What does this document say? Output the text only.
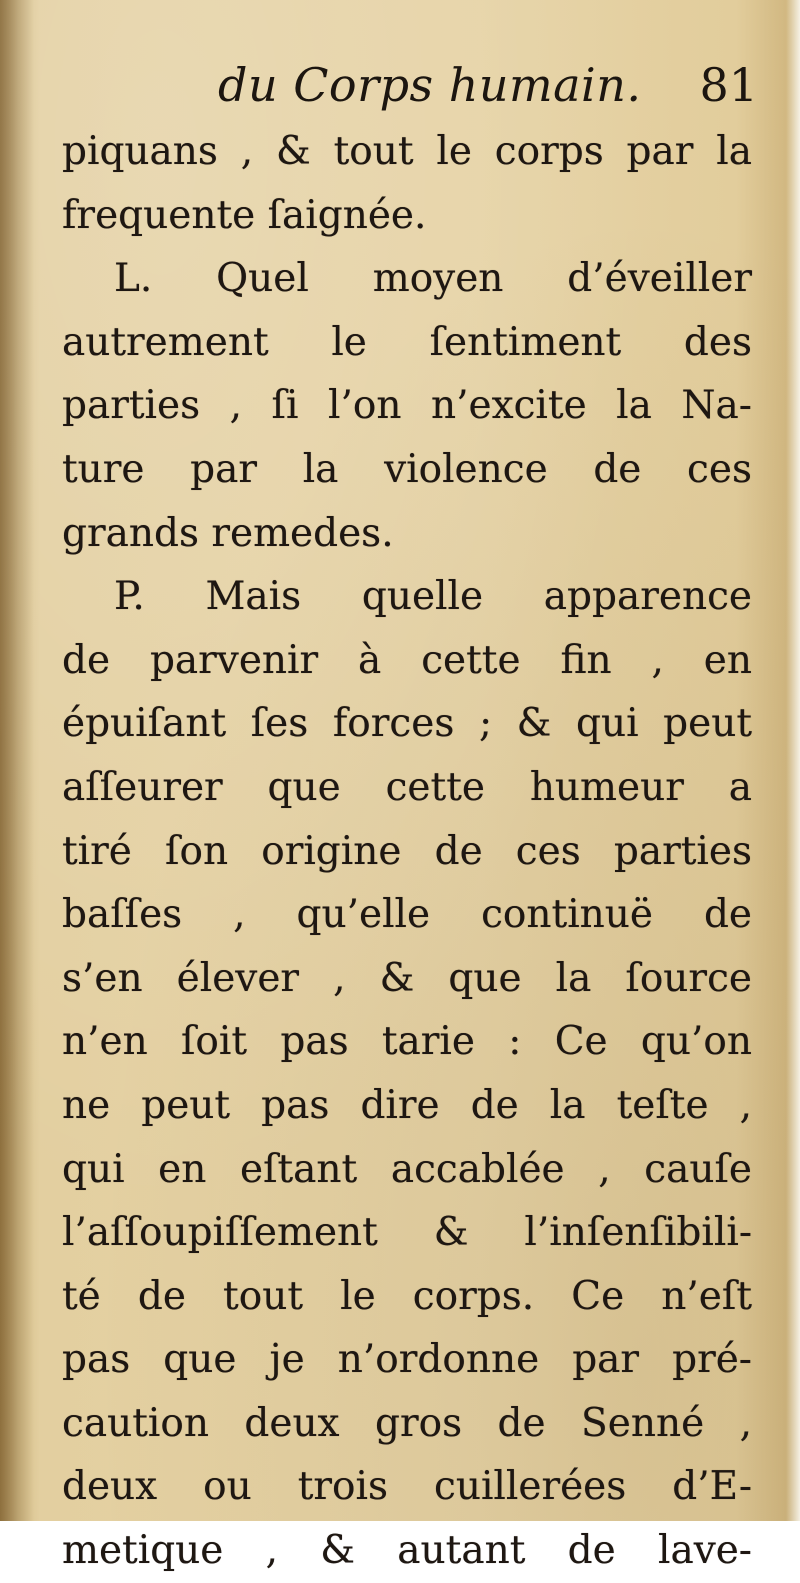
du Corps humain. 81
piquans , & tout le corps par la
frequente ſaignée.
L. Quel moyen d’éveiller
autrement le ſentiment des
parties , ſi l’on n’excite la Na-
ture par la violence de ces
grands remedes.
P. Mais quelle apparence
de parvenir à cette fin , en
épuiſant ſes forces ; & qui peut
aſſeurer que cette humeur a
tiré ſon origine de ces parties
baſſes , qu’elle continuë de
s’en élever , & que la ſource
n’en ſoit pas tarie : Ce qu’on
ne peut pas dire de la teſte ,
qui en eſtant accablée , cauſe
l’aſſoupiſſement & l’inſenſibili-
té de tout le corps. Ce n’eſt
pas que je n’ordonne par pré-
caution deux gros de Senné ,
deux ou trois cuillerées d’E-
metique , & autant de lave-
